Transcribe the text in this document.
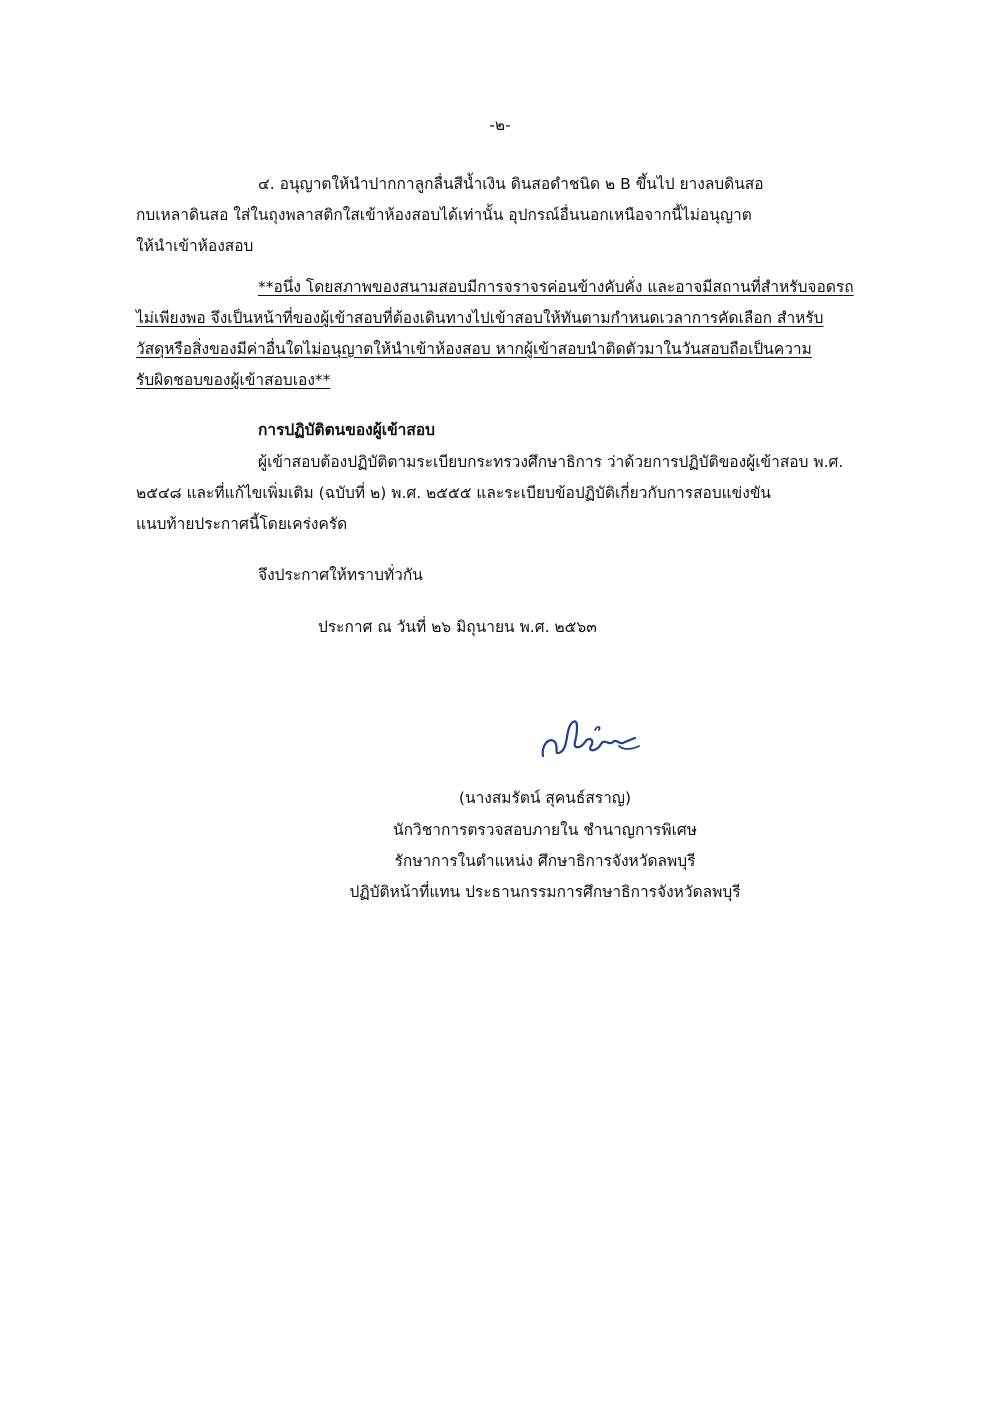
-๒-
๔. อนุญาตให้นำปากกาลูกลื่นสีน้ำเงิน ดินสอดำชนิด ๒ B ขึ้นไป ยางลบดินสอ
กบเหลาดินสอ ใส่ในถุงพลาสติกใสเข้าห้องสอบได้เท่านั้น อุปกรณ์อื่นนอกเหนือจากนี้ไม่อนุญาต
ให้นำเข้าห้องสอบ
**อนึ่ง โดยสภาพของสนามสอบมีการจราจรค่อนข้างคับคั่ง และอาจมีสถานที่สำหรับจอดรถ
ไม่เพียงพอ จึงเป็นหน้าที่ของผู้เข้าสอบที่ต้องเดินทางไปเข้าสอบให้ทันตามกำหนดเวลาการคัดเลือก สำหรับ
วัสดุหรือสิ่งของมีค่าอื่นใดไม่อนุญาตให้นำเข้าห้องสอบ หากผู้เข้าสอบนำติดตัวมาในวันสอบถือเป็นความ
รับผิดชอบของผู้เข้าสอบเอง**
การปฏิบัติตนของผู้เข้าสอบ
ผู้เข้าสอบต้องปฏิบัติตามระเบียบกระทรวงศึกษาธิการ ว่าด้วยการปฏิบัติของผู้เข้าสอบ พ.ศ.
๒๕๔๘ และที่แก้ไขเพิ่มเติม (ฉบับที่ ๒) พ.ศ. ๒๕๕๕ และระเบียบข้อปฏิบัติเกี่ยวกับการสอบแข่งขัน
แนบท้ายประกาศนี้โดยเคร่งครัด
จึงประกาศให้ทราบทั่วกัน
ประกาศ ณ วันที่ ๒๖ มิถุนายน พ.ศ. ๒๕๖๓
(นางสมรัตน์ สุคนธ์สราญ)
นักวิชาการตรวจสอบภายใน ชำนาญการพิเศษ
รักษาการในตำแหน่ง ศึกษาธิการจังหวัดลพบุรี
ปฏิบัติหน้าที่แทน ประธานกรรมการศึกษาธิการจังหวัดลพบุรี
